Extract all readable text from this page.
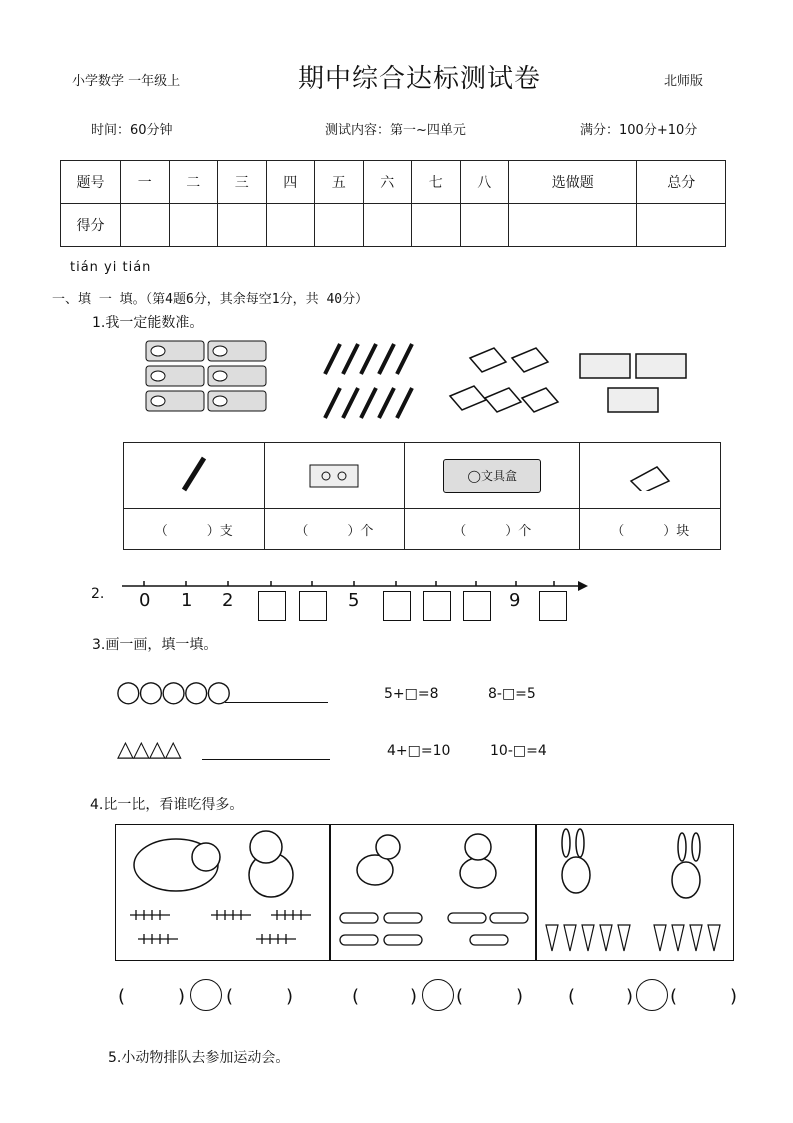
小学数学 一年级上	期中综合达标测试卷	北师版
时间：60分钟	测试内容：第一~四单元	满分：100分+10分
题号	一	二	三	四	五	六	七	八	选做题	总分
得分										
tián yi tián
一、填 一 填。（第4题6分，其余每空1分，共 40分）
1.我一定能数准。
		◯文具盒	
（　　　）支	（　　　）个	（　　　）个	（　　　）块
2. 0 1 2	5	9
3.画一画，填一填。
◯◯◯◯◯	5+□=8	8-□=5
△△△△	4+□=10	10-□=4
4.比一比，看谁吃得多。
(	) (	)	(	) (	) (	) (	)
5.小动物排队去参加运动会。
